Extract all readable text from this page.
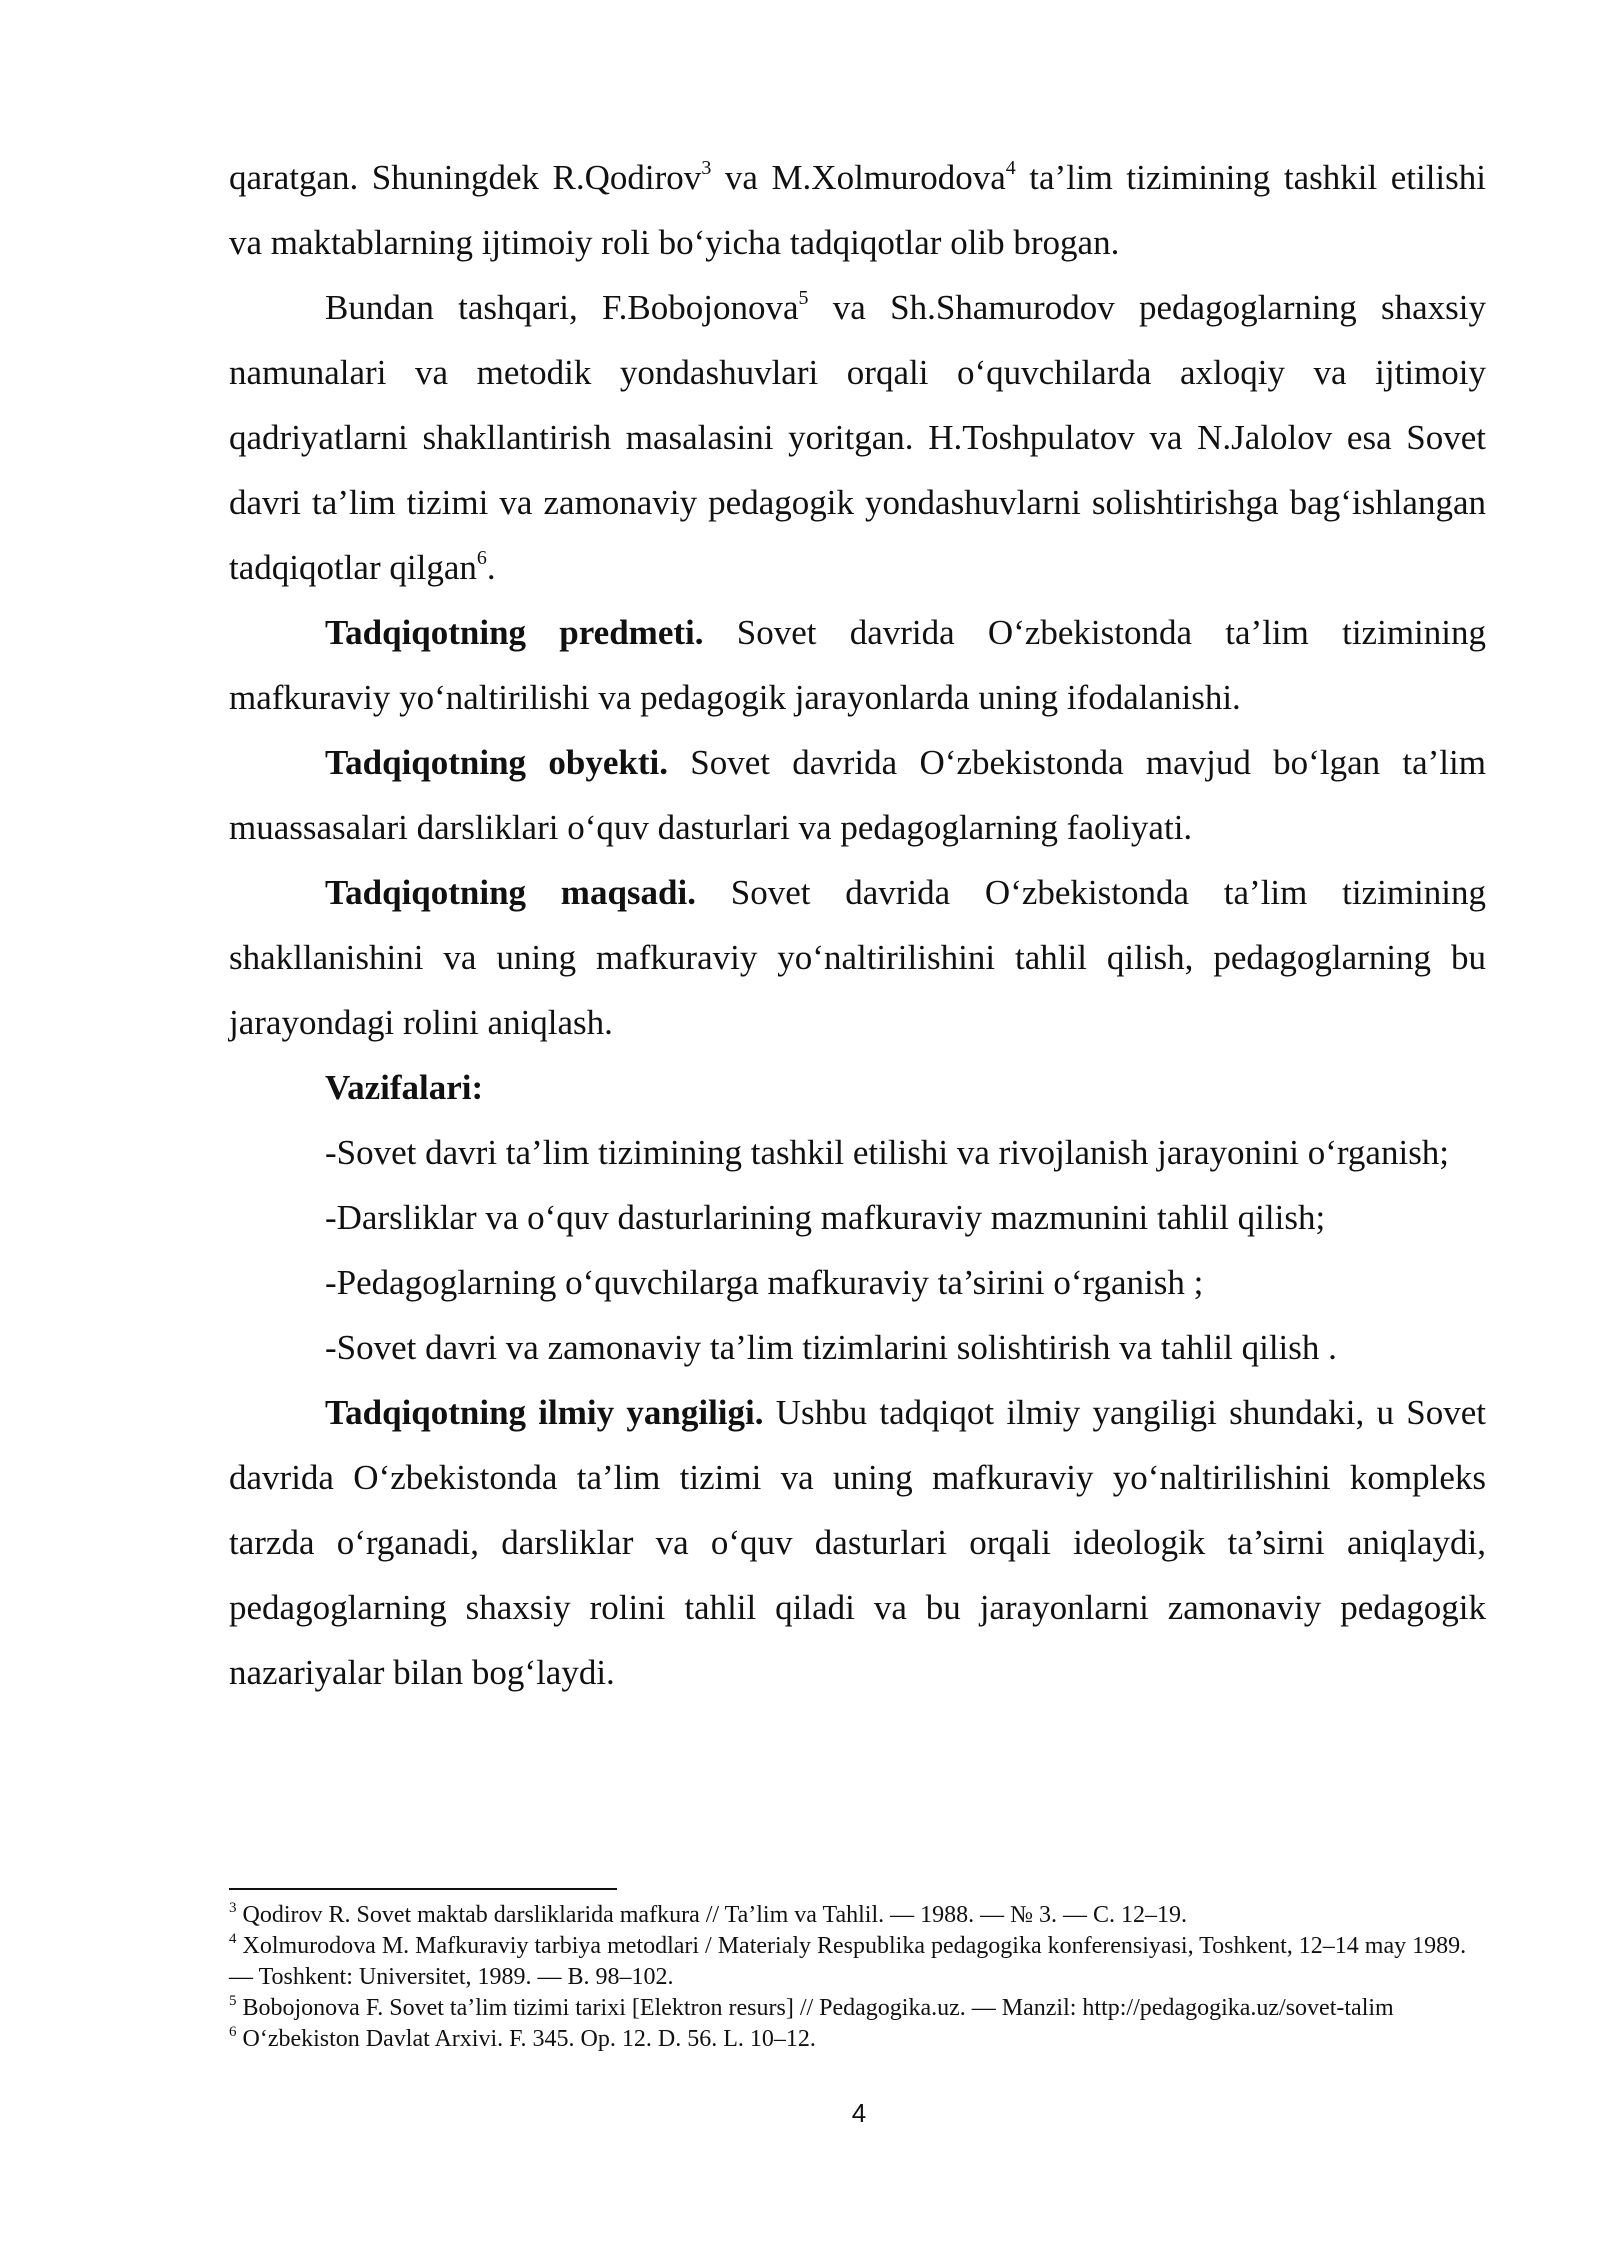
qaratgan. Shuningdek R.Qodirov$^3$ va M.Xolmurodova$^4$ ta’lim tizimining tashkil etilishi va maktablarning ijtimoiy roli bo‘yicha tadqiqotlar olib brogan.

Bundan tashqari, F.Bobojonova$^5$ va Sh.Shamurodov pedagoglarning shaxsiy namunalari va metodik yondashuvlari orqali o‘quvchilarda axloqiy va ijtimoiy qadriyatlarni shakllantirish masalasini yoritgan. H.Toshpulatov va N.Jalolov esa Sovet davri ta’lim tizimi va zamonaviy pedagogik yondashuvlarni solishtirishga bag‘ishlangan tadqiqotlar qilgan$^6$.

Tadqiqotning predmeti. Sovet davrida O‘zbekistonda ta’lim tizimining mafkuraviy yo‘naltirilishi va pedagogik jarayonlarda uning ifodalanishi.

Tadqiqotning obyekti. Sovet davrida O‘zbekistonda mavjud bo‘lgan ta’lim muassasalari darsliklari o‘quv dasturlari va pedagoglarning faoliyati.

Tadqiqotning maqsadi. Sovet davrida O‘zbekistonda ta’lim tizimining shakllanishini va uning mafkuraviy yo‘naltirilishini tahlil qilish, pedagoglarning bu jarayondagi rolini aniqlash.

Vazifalari:

-Sovet davri ta’lim tizimining tashkil etilishi va rivojlanish jarayonini o‘rganish;

-Darsliklar va o‘quv dasturlarining mafkuraviy mazmunini tahlil qilish;

-Pedagoglarning o‘quvchilarga mafkuraviy ta’sirini o‘rganish ;

-Sovet davri va zamonaviy ta’lim tizimlarini solishtirish va tahlil qilish .

Tadqiqotning ilmiy yangiligi. Ushbu tadqiqot ilmiy yangiligi shundaki, u Sovet davrida O‘zbekistonda ta’lim tizimi va uning mafkuraviy yo‘naltirilishini kompleks tarzda o‘rganadi, darsliklar va o‘quv dasturlari orqali ideologik ta’sirni aniqlaydi, pedagoglarning shaxsiy rolini tahlil qiladi va bu jarayonlarni zamonaviy pedagogik nazariyalar bilan bog‘laydi.

$^3$ Qodirov R. Sovet maktab darsliklarida mafkura // Ta’lim va Tahlil. — 1988. — № 3. — C. 12–19.

$^4$ Xolmurodova M. Mafkuraviy tarbiya metodlari / Materialy Respublika pedagogika konferensiyasi, Toshkent, 12–14 may 1989. — Toshkent: Universitet, 1989. — B. 98–102.

$^5$ Bobojonova F. Sovet ta’lim tizimi tarixi [Elektron resurs] // Pedagogika.uz. — Manzil: http://pedagogika.uz/sovet-talim

$^6$ O‘zbekiston Davlat Arxivi. F. 345. Op. 12. D. 56. L. 10–12.

4
